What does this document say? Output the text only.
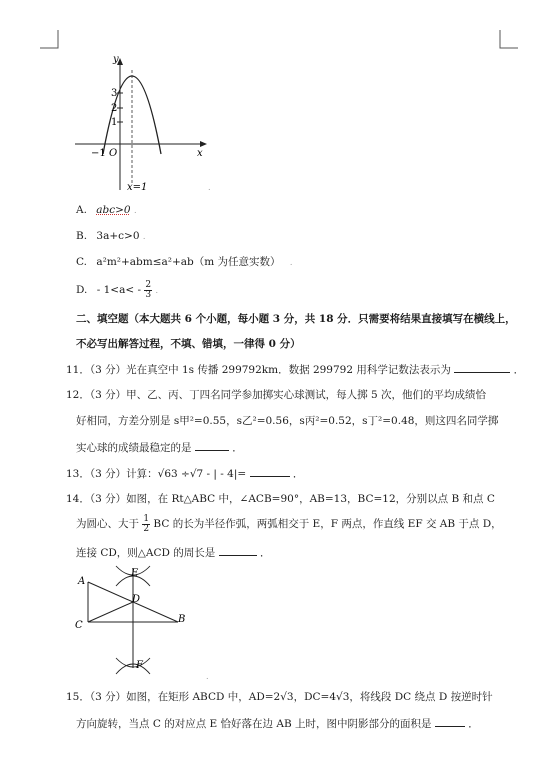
y
x
O
3
2
1
−1
x=1	.
A. abc>0 .
B. 3a+c>0 .
C. a²m²+abm≤a²+ab（m 为任意实数） .
D. - $1<a< - \frac{2}{3}$ .
二、填空题（本大题共 6 个小题，每小题 3 分，共 18 分．只需要将结果直接填写在横线上，
不必写出解答过程，不填、错填，一律得 0 分）
11．（3 分）光在真空中 1s 传播 299792km．数据 299792 用科学记数法表示为	．
12．（3 分）甲、乙、丙、丁四名同学参加掷实心球测试，每人掷 5 次，他们的平均成绩恰
好相同，方差分别是 s甲²=0.55，s乙²=0.56，s丙²=0.52，s丁²=0.48，则这四名同学掷
实心球的成绩最稳定的是	．
13．（3 分）计算：√63 ÷√7 - | - 4|=	．
14．（3 分）如图，在 Rt△ABC 中，∠ACB=90°，AB=13，BC=12，分别以点 B 和点 C
为圆心、大于 $\frac{1}{2}$ BC 的长为半径作弧，两弧相交于 E，F 两点，作直线 EF 交 AB 于点 D，
连接 CD，则△ACD 的周长是	．
A
C
B
D
E
F
.
15．（3 分）如图，在矩形 ABCD 中，AD=2√3，DC=4√3，将线段 DC 绕点 D 按逆时针
方向旋转，当点 C 的对应点 E 恰好落在边 AB 上时，图中阴影部分的面积是	．
